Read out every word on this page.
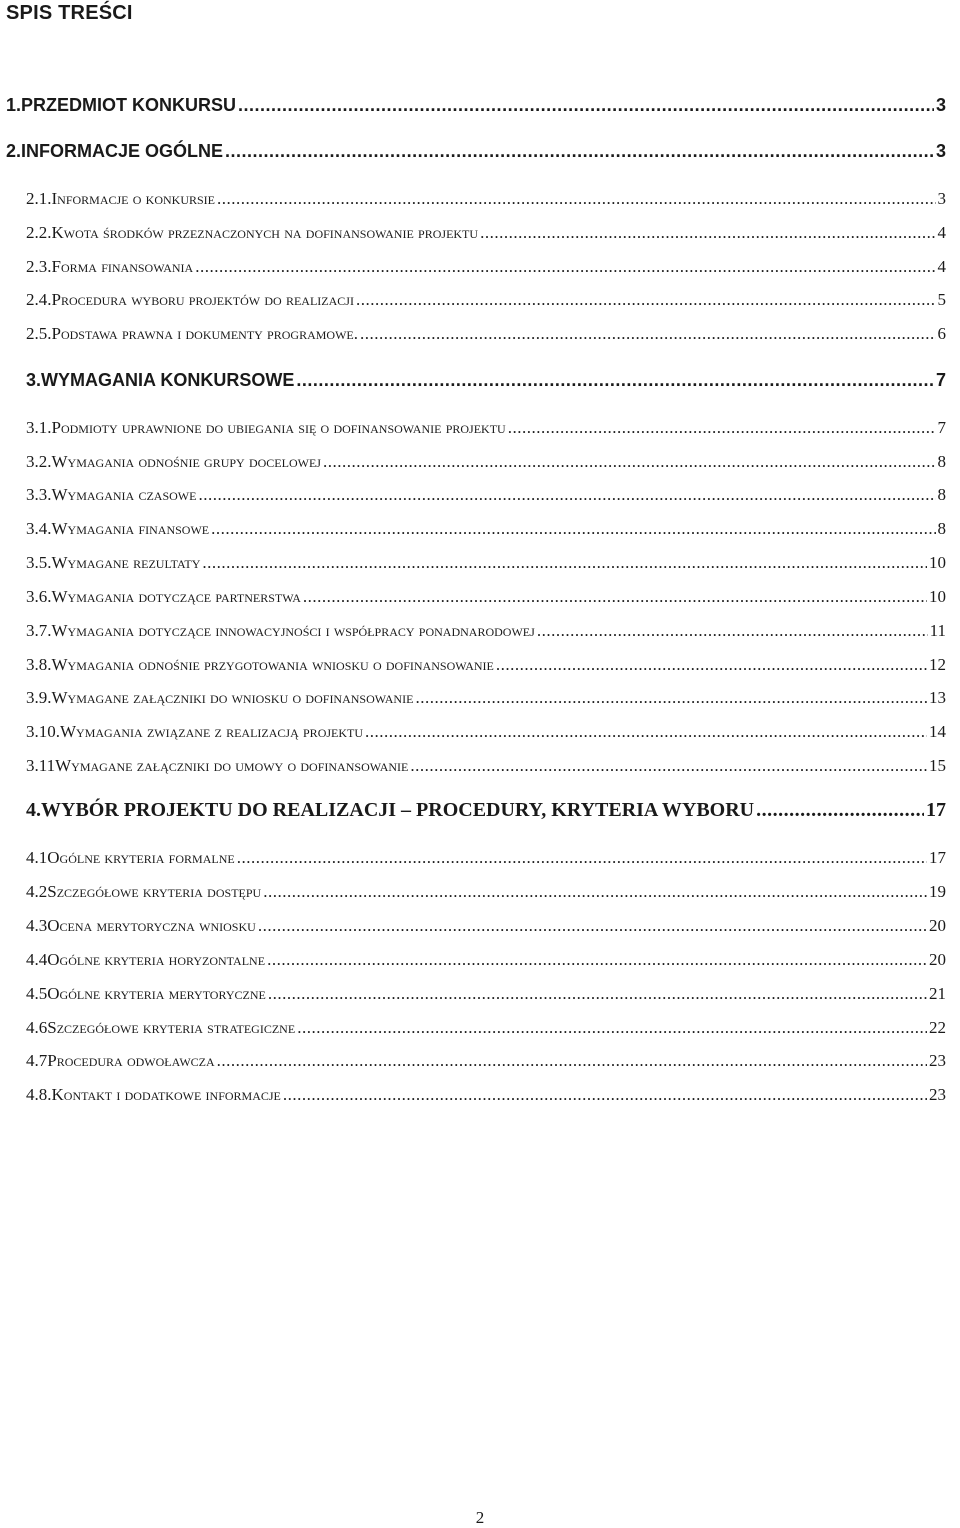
SPIS TREŚCI
1. PRZEDMIOT KONKURSU .....	3
2. INFORMACJE OGÓLNE .....	3
2.1. Informacje o konkursie .....	3
2.2. Kwota środków przeznaczonych na dofinansowanie projektu .....	4
2.3. Forma finansowania .....	4
2.4. Procedura wyboru projektów do realizacji .....	5
2.5. Podstawa prawna i dokumenty programowe. .....	6
3. WYMAGANIA KONKURSOWE .....	7
3.1. Podmioty uprawnione do ubiegania się o dofinansowanie projektu .....	7
3.2. Wymagania odnośnie grupy docelowej .....	8
3.3. Wymagania czasowe .....	8
3.4. Wymagania finansowe .....	8
3.5. Wymagane rezultaty .....	10
3.6. Wymagania dotyczące partnerstwa .....	10
3.7. Wymagania dotyczące innowacyjności i współpracy ponadnarodowej .....	11
3.8. Wymagania odnośnie przygotowania wniosku o dofinansowanie .....	12
3.9. Wymagane załączniki do wniosku o dofinansowanie .....	13
3.10. Wymagania związane z realizacją projektu .....	14
3.11 Wymagane załączniki do umowy o dofinansowanie .....	15
4. WYBÓR PROJEKTU DO REALIZACJI – PROCEDURY, KRYTERIA WYBORU .....	17
4.1 Ogólne kryteria formalne .....	17
4.2 Szczegółowe kryteria dostępu .....	19
4.3 Ocena merytoryczna wniosku .....	20
4.4 Ogólne kryteria horyzontalne .....	20
4.5 Ogólne kryteria merytoryczne .....	21
4.6 Szczegółowe kryteria strategiczne .....	22
4.7 Procedura odwoławcza .....	23
4.8. Kontakt i dodatkowe informacje .....	23
2
